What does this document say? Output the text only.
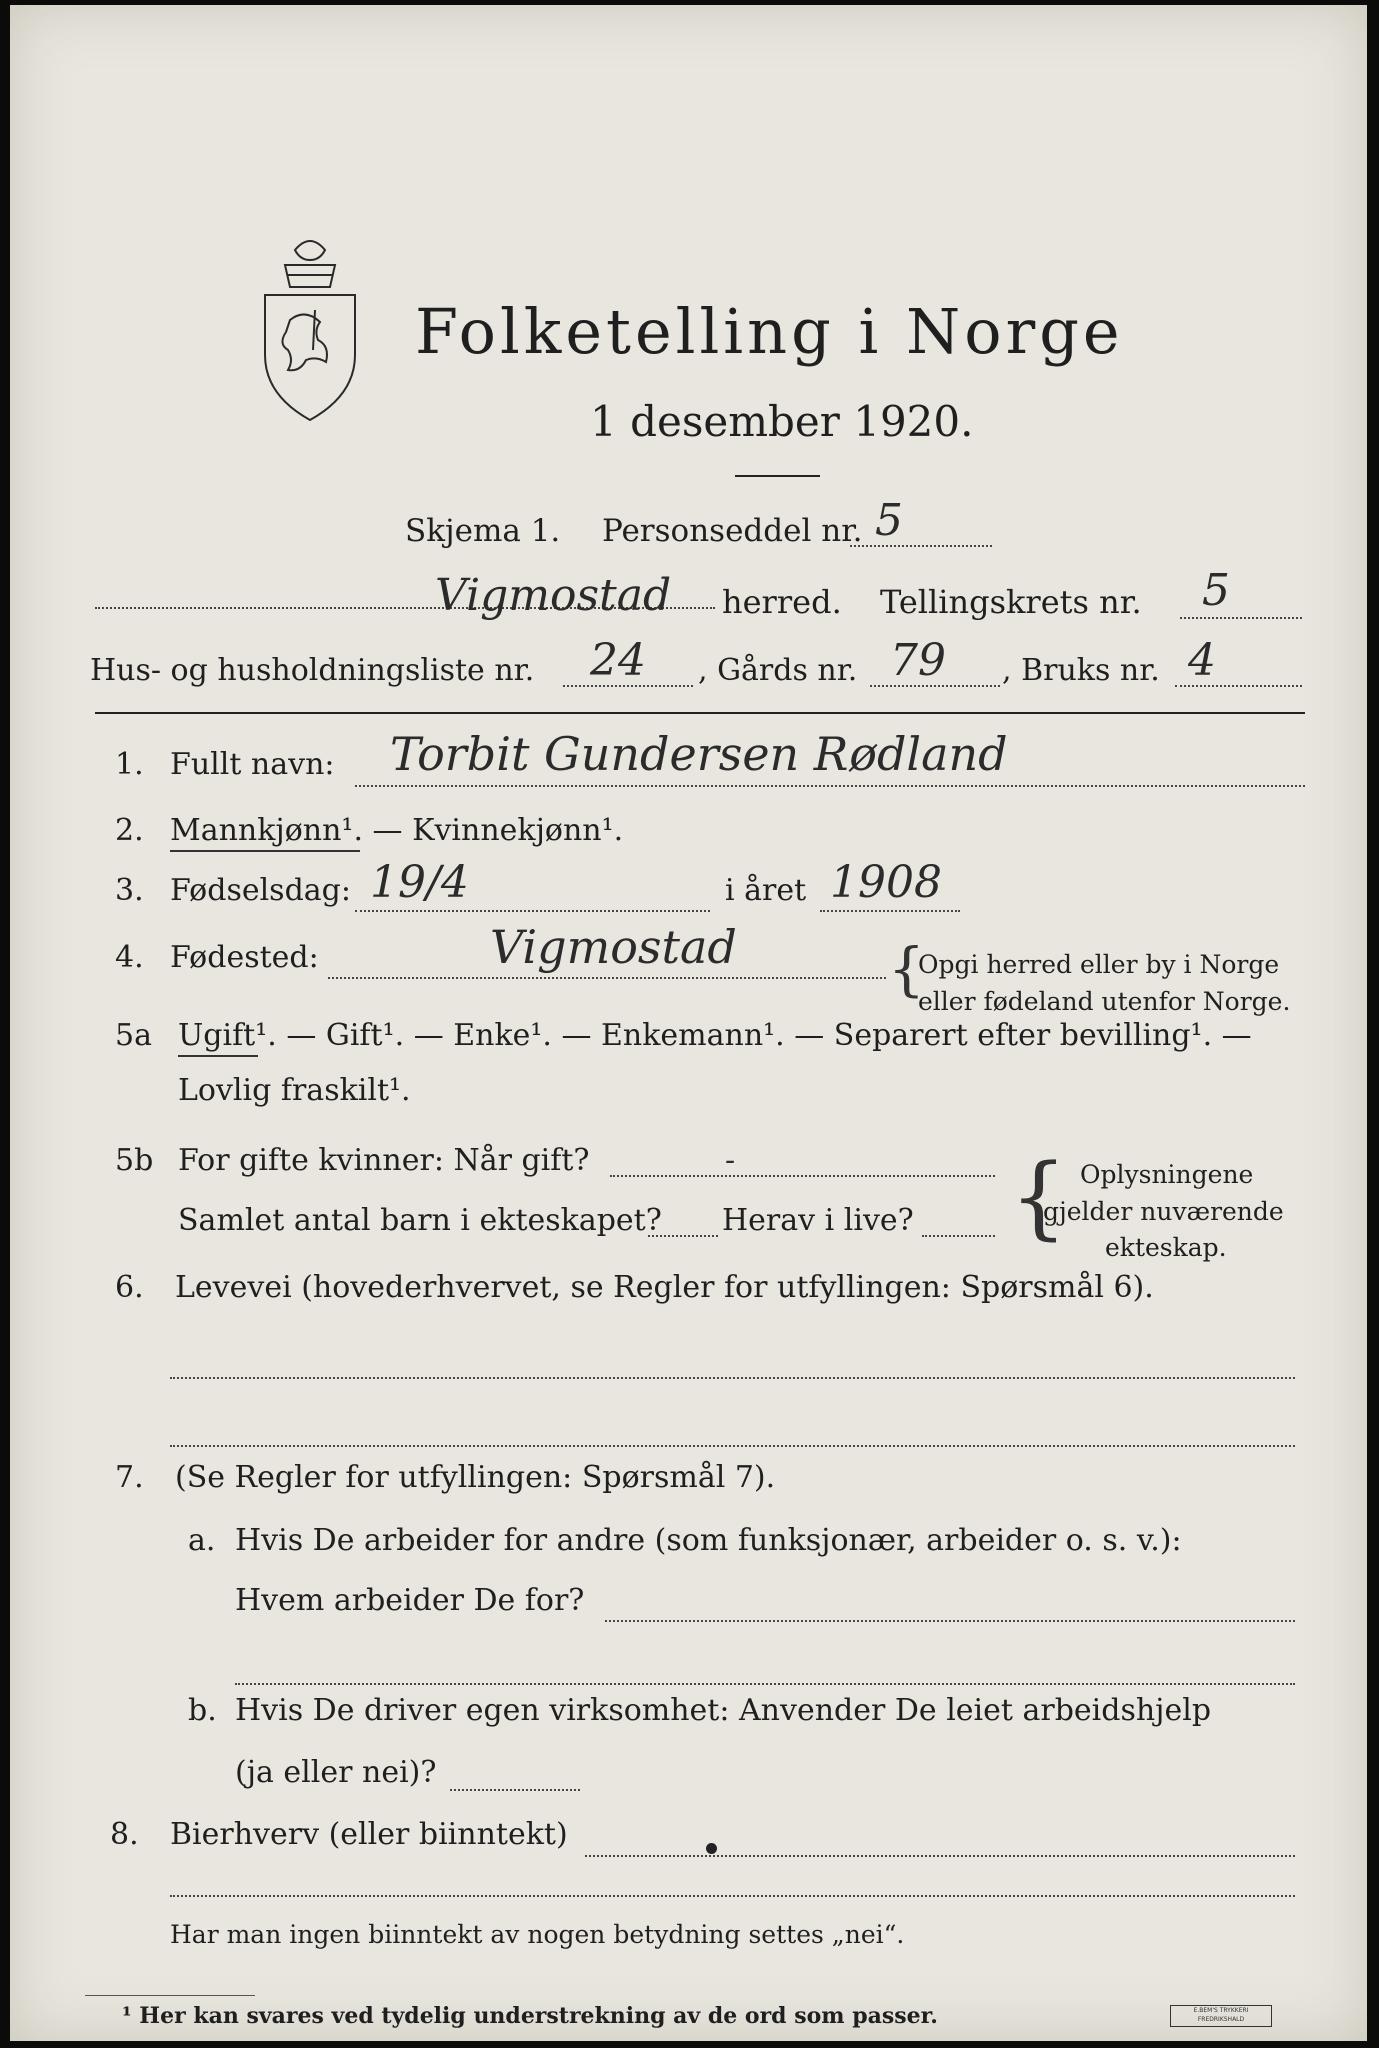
Folketelling i Norge
1 desember 1920.
Skjema 1. Personseddel nr. 5
Vigmostad herred. Tellingskrets nr. 5
Hus- og husholdningsliste nr. 24 , Gårds nr. 79 , Bruks nr. 4
1. Fullt navn: Torbit Gundersen Rødland
2. Mannkjønn¹. — Kvinnekjønn¹.
3. Fødselsdag: 19/4	i året 1908
4. Fødested:	Vigmostad	{
Opgi herred eller by i Norge
eller fødeland utenfor Norge.
5a Ugift¹. — Gift¹. — Enke¹. — Enkemann¹. — Separert efter bevilling¹. —
Lovlig fraskilt¹.
5b For gifte kvinner: Når gift?	-
Samlet antal barn i ekteskapet? Herav i live? { Oplysningene
gjelder nuværende
ekteskap.
6. Levevei (hovederhvervet, se Regler for utfyllingen: Spørsmål 6).
7. (Se Regler for utfyllingen: Spørsmål 7).
a. Hvis De arbeider for andre (som funksjonær, arbeider o. s. v.):
Hvem arbeider De for?
b. Hvis De driver egen virksomhet: Anvender De leiet arbeidshjelp
(ja eller nei)?
8. Bierhverv (eller biinntekt)
Har man ingen biinntekt av nogen betydning settes „nei“.
¹ Her kan svares ved tydelig understrekning av de ord som passer.	E.BEM'S TRYKKERI FREDRIKSHALD
